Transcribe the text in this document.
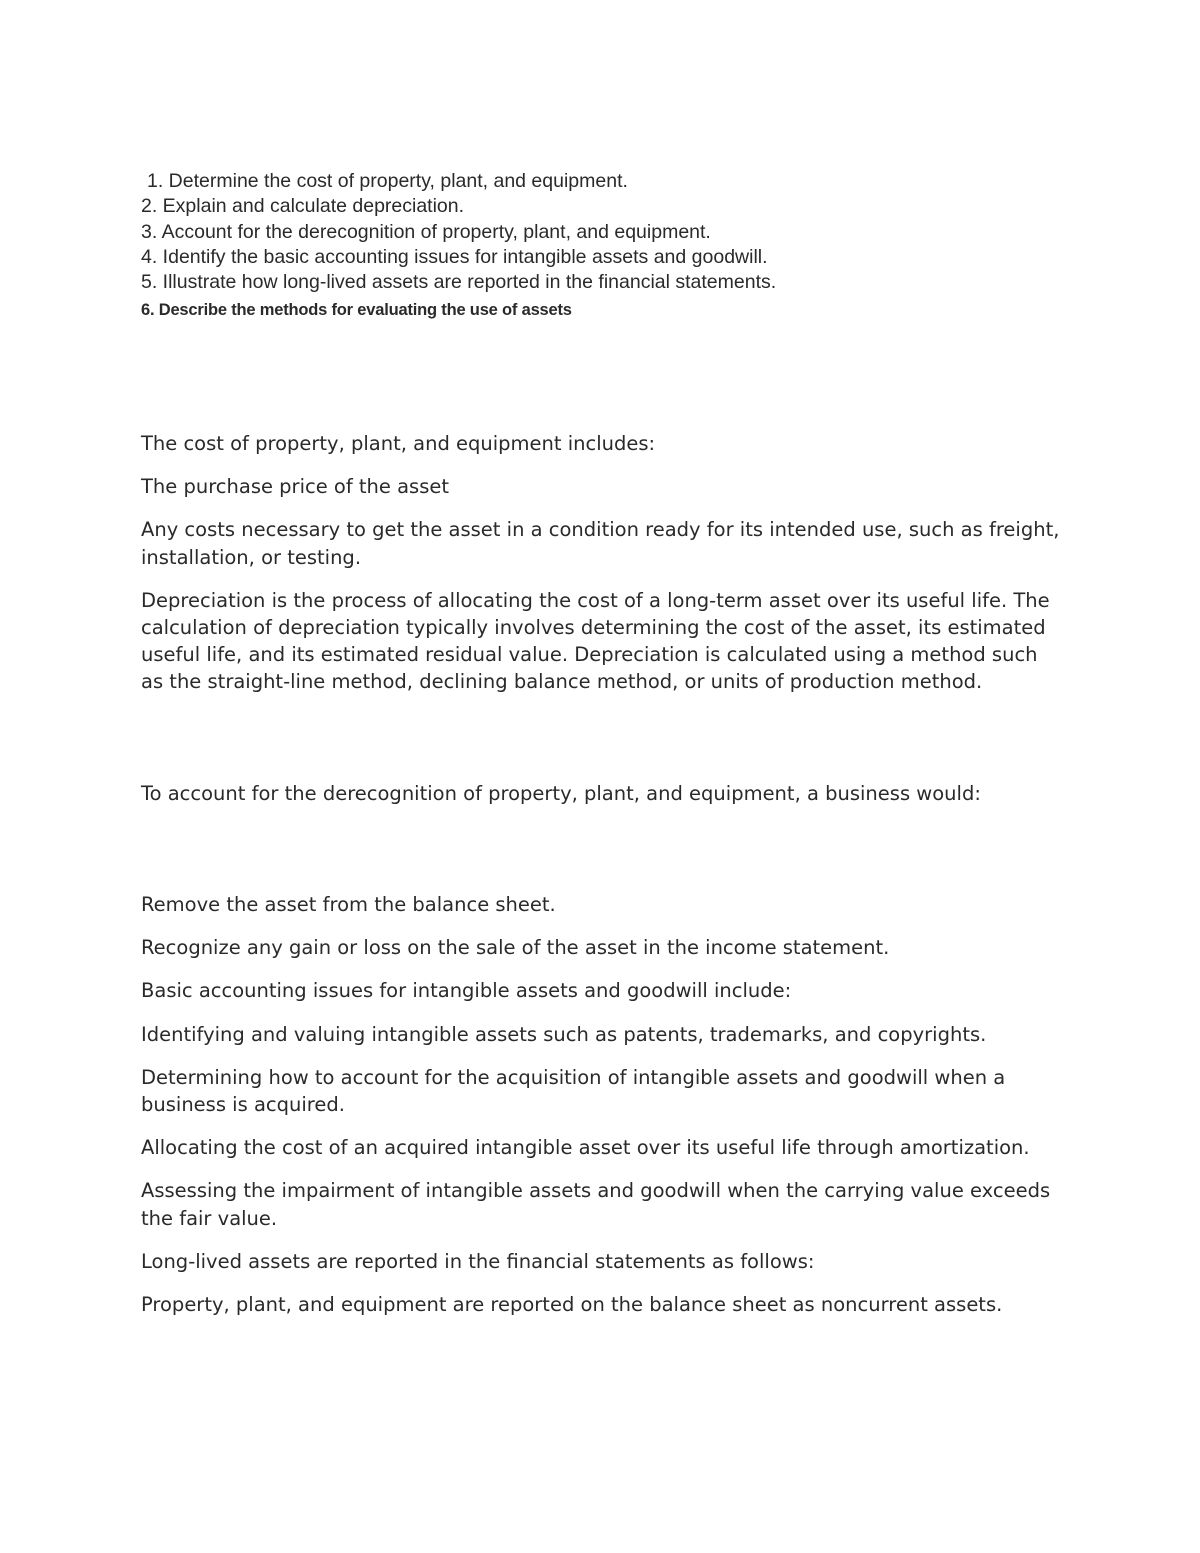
1. Determine the cost of property, plant, and equipment.

2. Explain and calculate depreciation.

3. Account for the derecognition of property, plant, and equipment.

4. Identify the basic accounting issues for intangible assets and goodwill.

5. Illustrate how long-lived assets are reported in the financial statements.

6. Describe the methods for evaluating the use of assets

The cost of property, plant, and equipment includes:

The purchase price of the asset

Any costs necessary to get the asset in a condition ready for its intended use, such as freight, installation, or testing.

Depreciation is the process of allocating the cost of a long-term asset over its useful life. The calculation of depreciation typically involves determining the cost of the asset, its estimated useful life, and its estimated residual value. Depreciation is calculated using a method such as the straight-line method, declining balance method, or units of production method.

To account for the derecognition of property, plant, and equipment, a business would:

Remove the asset from the balance sheet.

Recognize any gain or loss on the sale of the asset in the income statement.

Basic accounting issues for intangible assets and goodwill include:

Identifying and valuing intangible assets such as patents, trademarks, and copyrights.

Determining how to account for the acquisition of intangible assets and goodwill when a business is acquired.

Allocating the cost of an acquired intangible asset over its useful life through amortization.

Assessing the impairment of intangible assets and goodwill when the carrying value exceeds the fair value.

Long-lived assets are reported in the financial statements as follows:

Property, plant, and equipment are reported on the balance sheet as noncurrent assets.
